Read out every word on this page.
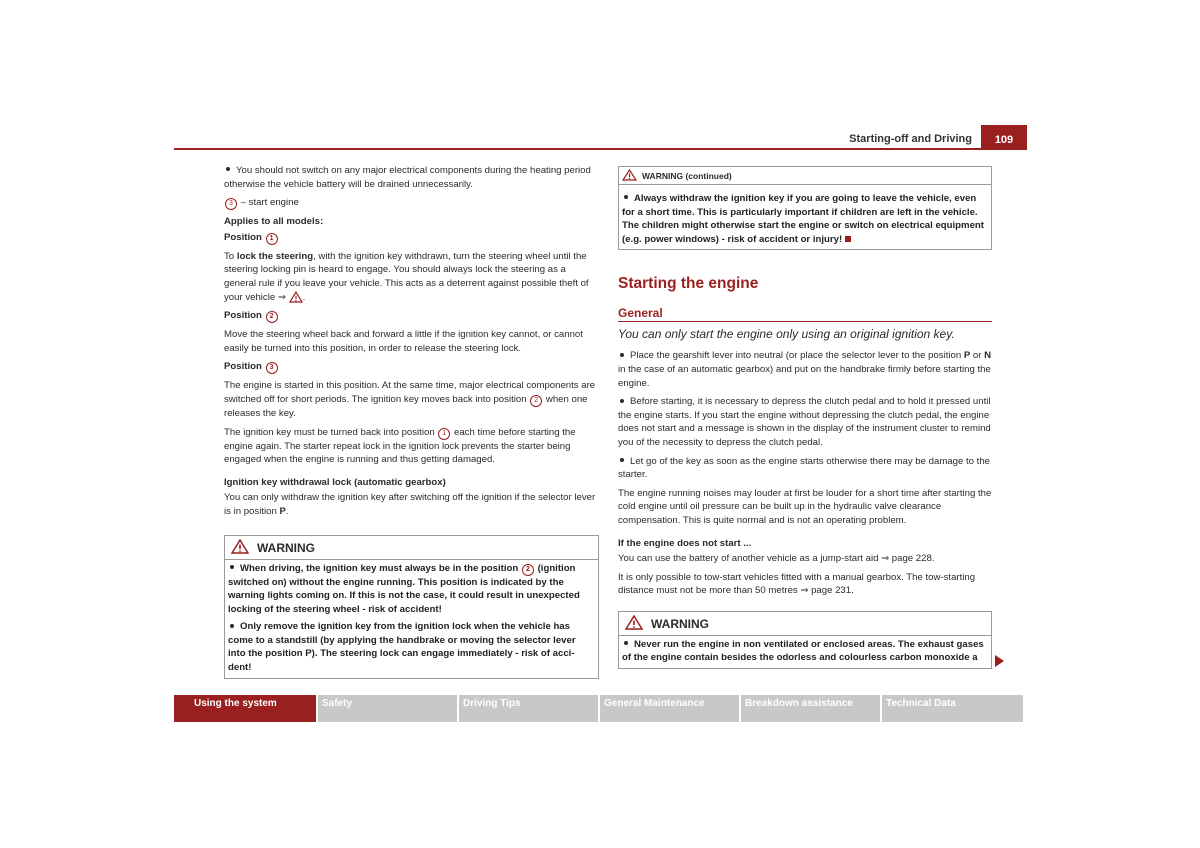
Starting-off and Driving	109

You should not switch on any major electrical components during the heating period otherwise the vehicle battery will be drained unnecessarily.

3 – start engine

Applies to all models:

Position 1

To lock the steering, with the ignition key withdrawn, turn the steering wheel until the steering locking pin is heard to engage. You should always lock the steering as a general rule if you leave your vehicle. This acts as a deterrent against possible theft of your vehicle ⇒ .

Position 2

Move the steering wheel back and forward a little if the ignition key cannot, or cannot easily be turned into this position, in order to release the steering lock.

Position 3

The engine is started in this position. At the same time, major electrical components are switched off for short periods. The ignition key moves back into position 2 when one releases the key.

The ignition key must be turned back into position 1 each time before starting the engine again. The starter repeat lock in the ignition lock prevents the starter being engaged when the engine is running and thus getting damaged.

Ignition key withdrawal lock (automatic gearbox)

You can only withdraw the ignition key after switching off the ignition if the selector lever is in position P.

WARNING

When driving, the ignition key must always be in the position 2 (ignition switched on) without the engine running. This position is indicated by the warning lights coming on. If this is not the case, it could result in unexpected locking of the steering wheel - risk of accident!

Only remove the ignition key from the ignition lock when the vehicle has come to a standstill (by applying the handbrake or moving the selector lever into the position P). The steering lock can engage immediately - risk of acci-dent!

WARNING (continued)

Always withdraw the ignition key if you are going to leave the vehicle, even for a short time. This is particularly important if children are left in the vehicle. The children might otherwise start the engine or switch on electrical equipment (e.g. power windows) - risk of accident or injury!

Starting the engine
General

You can only start the engine only using an original ignition key.

Place the gearshift lever into neutral (or place the selector lever to the position P or N in the case of an automatic gearbox) and put on the handbrake firmly before starting the engine.

Before starting, it is necessary to depress the clutch pedal and to hold it pressed until the engine starts. If you start the engine without depressing the clutch pedal, the engine does not start and a message is shown in the display of the instrument cluster to remind you of the necessity to depress the clutch pedal.

Let go of the key as soon as the engine starts otherwise there may be damage to the starter.

The engine running noises may louder at first be louder for a short time after starting the cold engine until oil pressure can be built up in the hydraulic valve clearance compensation. This is quite normal and is not an operating problem.

If the engine does not start ...

You can use the battery of another vehicle as a jump-start aid ⇒ page 228.

It is only possible to tow-start vehicles fitted with a manual gearbox. The tow-starting distance must not be more than 50 metres ⇒ page 231.

WARNING

Never run the engine in non ventilated or enclosed areas. The exhaust gases of the engine contain besides the odorless and colourless carbon monoxide a

Using the system	Safety	Driving Tips	General Maintenance	Breakdown assistance	Technical Data
